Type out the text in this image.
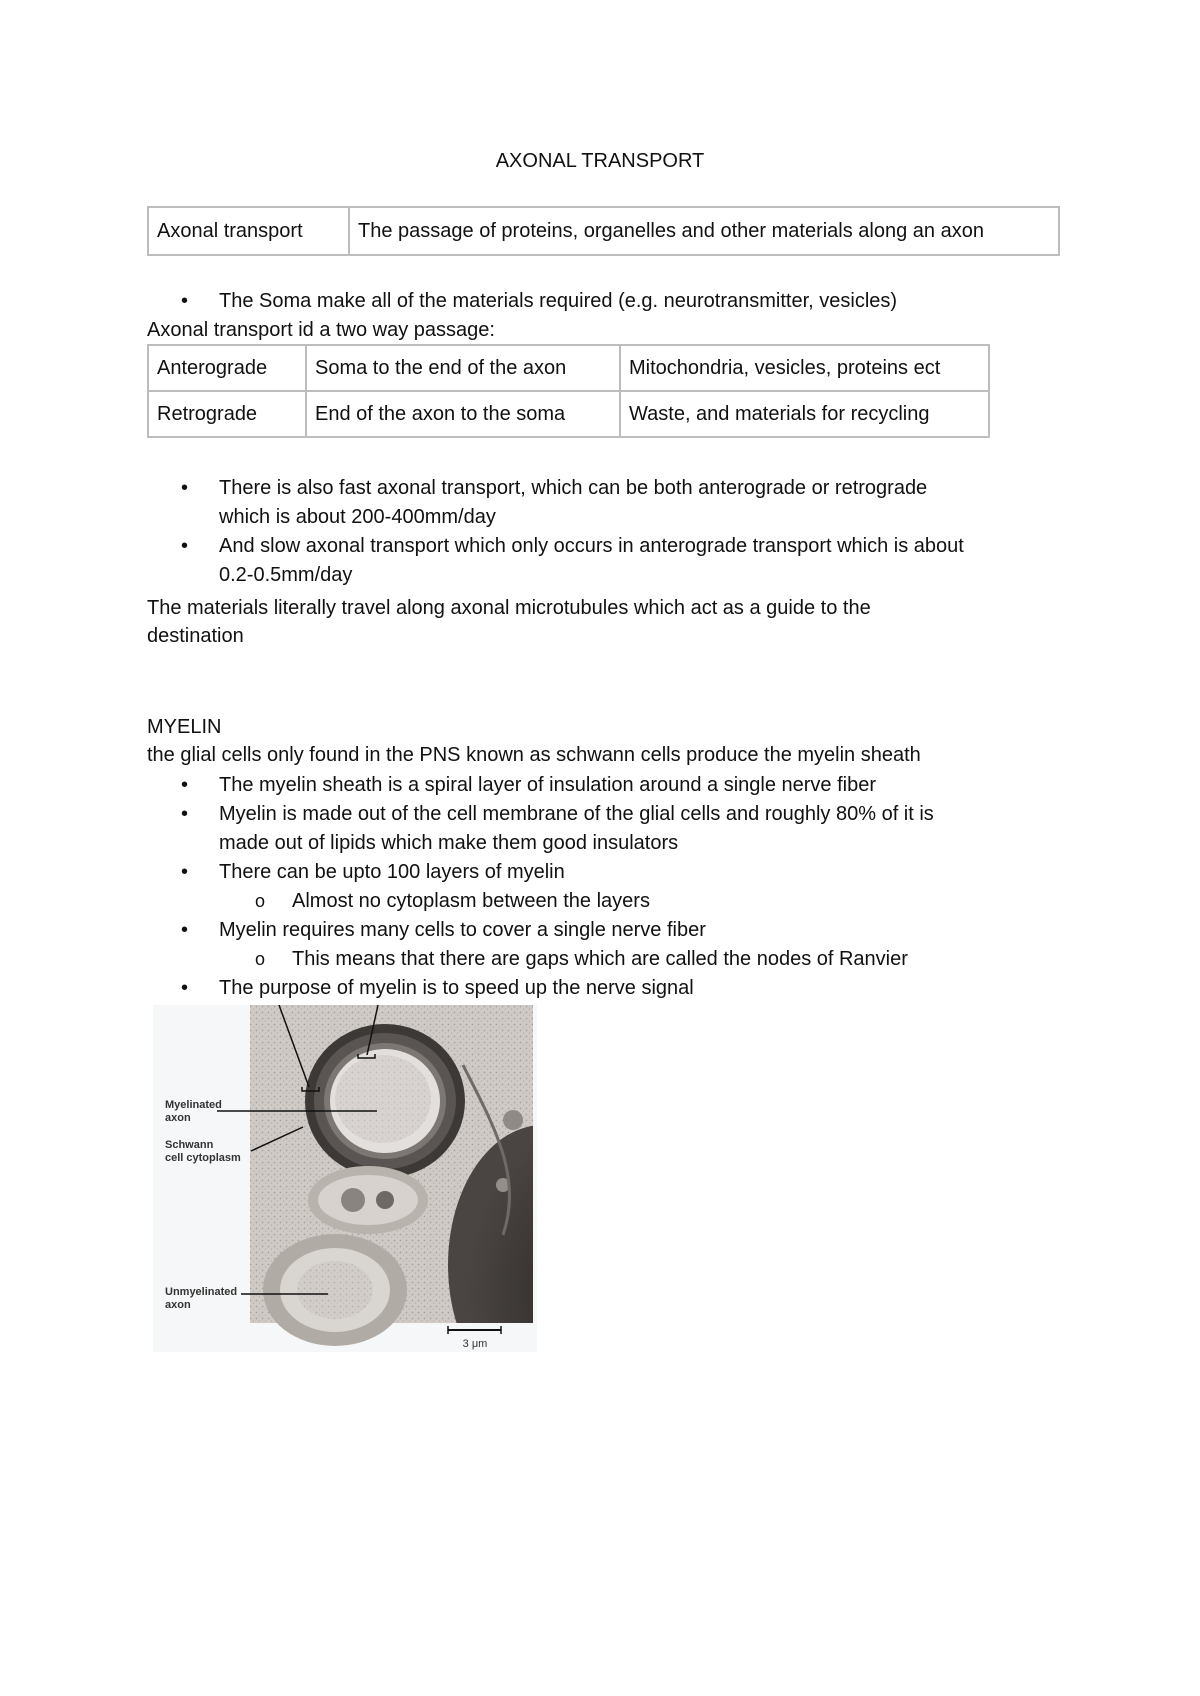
AXONAL TRANSPORT
Axonal transport	The passage of proteins, organelles and other materials along an axon
• The Soma make all of the materials required (e.g. neurotransmitter, vesicles)
Axonal transport id a two way passage:
Anterograde	Soma to the end of the axon	Mitochondria, vesicles, proteins ect
Retrograde	End of the axon to the soma	Waste, and materials for recycling
• There is also fast axonal transport, which can be both anterograde or retrograde
which is about 200-400mm/day
• And slow axonal transport which only occurs in anterograde transport which is about
0.2-0.5mm/day
The materials literally travel along axonal microtubules which act as a guide to the
destination
MYELIN
the glial cells only found in the PNS known as schwann cells produce the myelin sheath
• The myelin sheath is a spiral layer of insulation around a single nerve fiber
• Myelin is made out of the cell membrane of the glial cells and roughly 80% of it is
made out of lipids which make them good insulators
• There can be upto 100 layers of myelin
o Almost no cytoplasm between the layers
• Myelin requires many cells to cover a single nerve fiber
o This means that there are gaps which are called the nodes of Ranvier
• The purpose of myelin is to speed up the nerve signal
Myelinated
axon
Schwann
cell cytoplasm
Unmyelinated
axon
3 μm
